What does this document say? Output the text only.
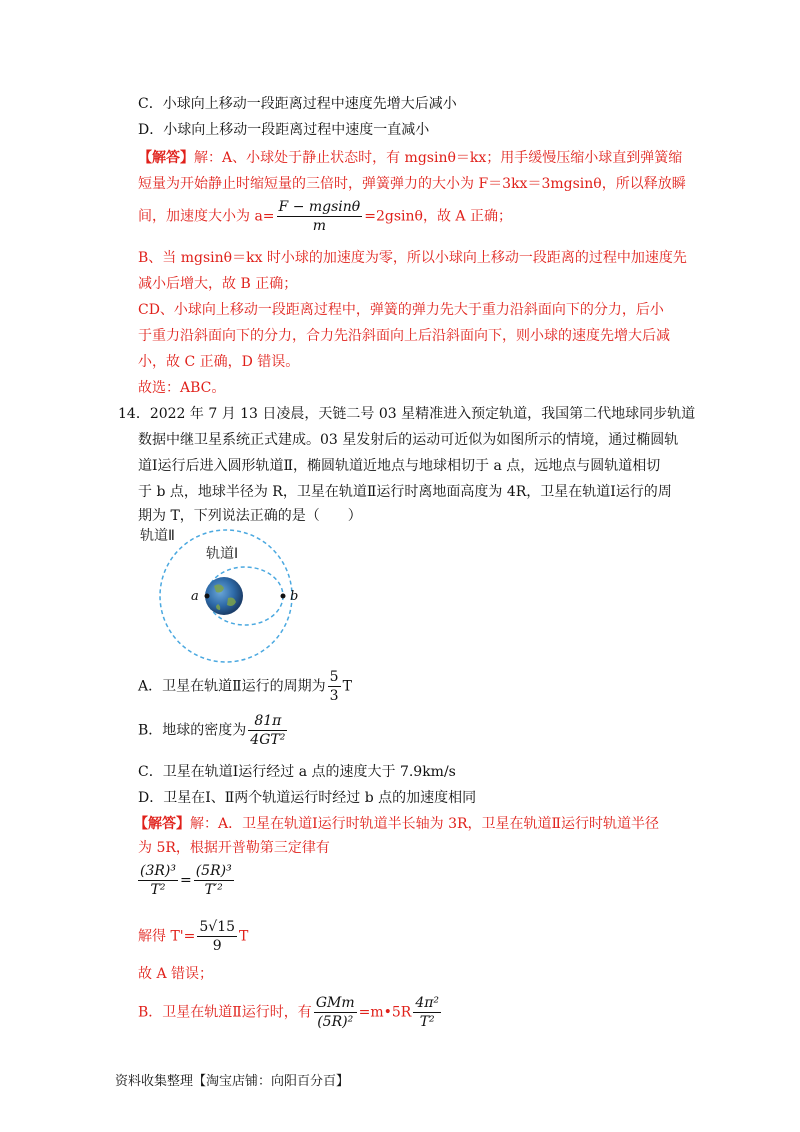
C．小球向上移动一段距离过程中速度先增大后减小
D．小球向上移动一段距离过程中速度一直减小
【解答】解：A、小球处于静止状态时，有 mgsinθ＝kx；用手缓慢压缩小球直到弹簧缩
短量为开始静止时缩短量的三倍时，弹簧弹力的大小为 F＝3kx＝3mgsinθ，所以释放瞬
间，加速度大小为 $a= \frac{F - mgsin\theta}{m} =2gsin\theta$，故 A 正确；
B、当 mgsinθ＝kx 时小球的加速度为零，所以小球向上移动一段距离的过程中加速度先
减小后增大，故 B 正确；
CD、小球向上移动一段距离过程中，弹簧的弹力先大于重力沿斜面向下的分力，后小
于重力沿斜面向下的分力，合力先沿斜面向上后沿斜面向下，则小球的速度先增大后减
小，故 C 正确，D 错误。
故选：ABC。
14．2022 年 7 月 13 日凌晨，天链二号 03 星精准进入预定轨道，我国第二代地球同步轨道
数据中继卫星系统正式建成。03 星发射后的运动可近似为如图所示的情境，通过椭圆轨
道Ⅰ运行后进入圆形轨道Ⅱ，椭圆轨道近地点与地球相切于 a 点，远地点与圆轨道相切
于 b 点，地球半径为 R，卫星在轨道Ⅱ运行时离地面高度为 4R，卫星在轨道Ⅰ运行的周
期为 T，下列说法正确的是（　　）
轨道Ⅱ
轨道Ⅰ
a	b
A．卫星在轨道Ⅱ运行的周期为 $\frac{5}{3}$ T
B．地球的密度为 $\frac{81\pi}{\text{4GT²}}$
C．卫星在轨道Ⅰ运行经过 a 点的速度大于 7.9km/s
D．卫星在Ⅰ、Ⅱ两个轨道运行时经过 b 点的加速度相同
【解答】解：A．卫星在轨道Ⅰ运行时轨道半长轴为 3R，卫星在轨道Ⅱ运行时轨道半径
为 5R，根据开普勒第三定律有
$\frac{\text{(3R)³}}{\text{T²}} = \frac{\text{(5R)³}}{\text{T′²}}$
解得 $T'= \frac{5√15}{9}$ T
故 A 错误；
B．卫星在轨道Ⅱ运行时，有 $\frac{\text{GMm}}{\text{(5R)²}}$ =m•5R $\frac{\text{4π²}}{\text{T²}}$
资料收集整理【淘宝店铺：向阳百分百】
